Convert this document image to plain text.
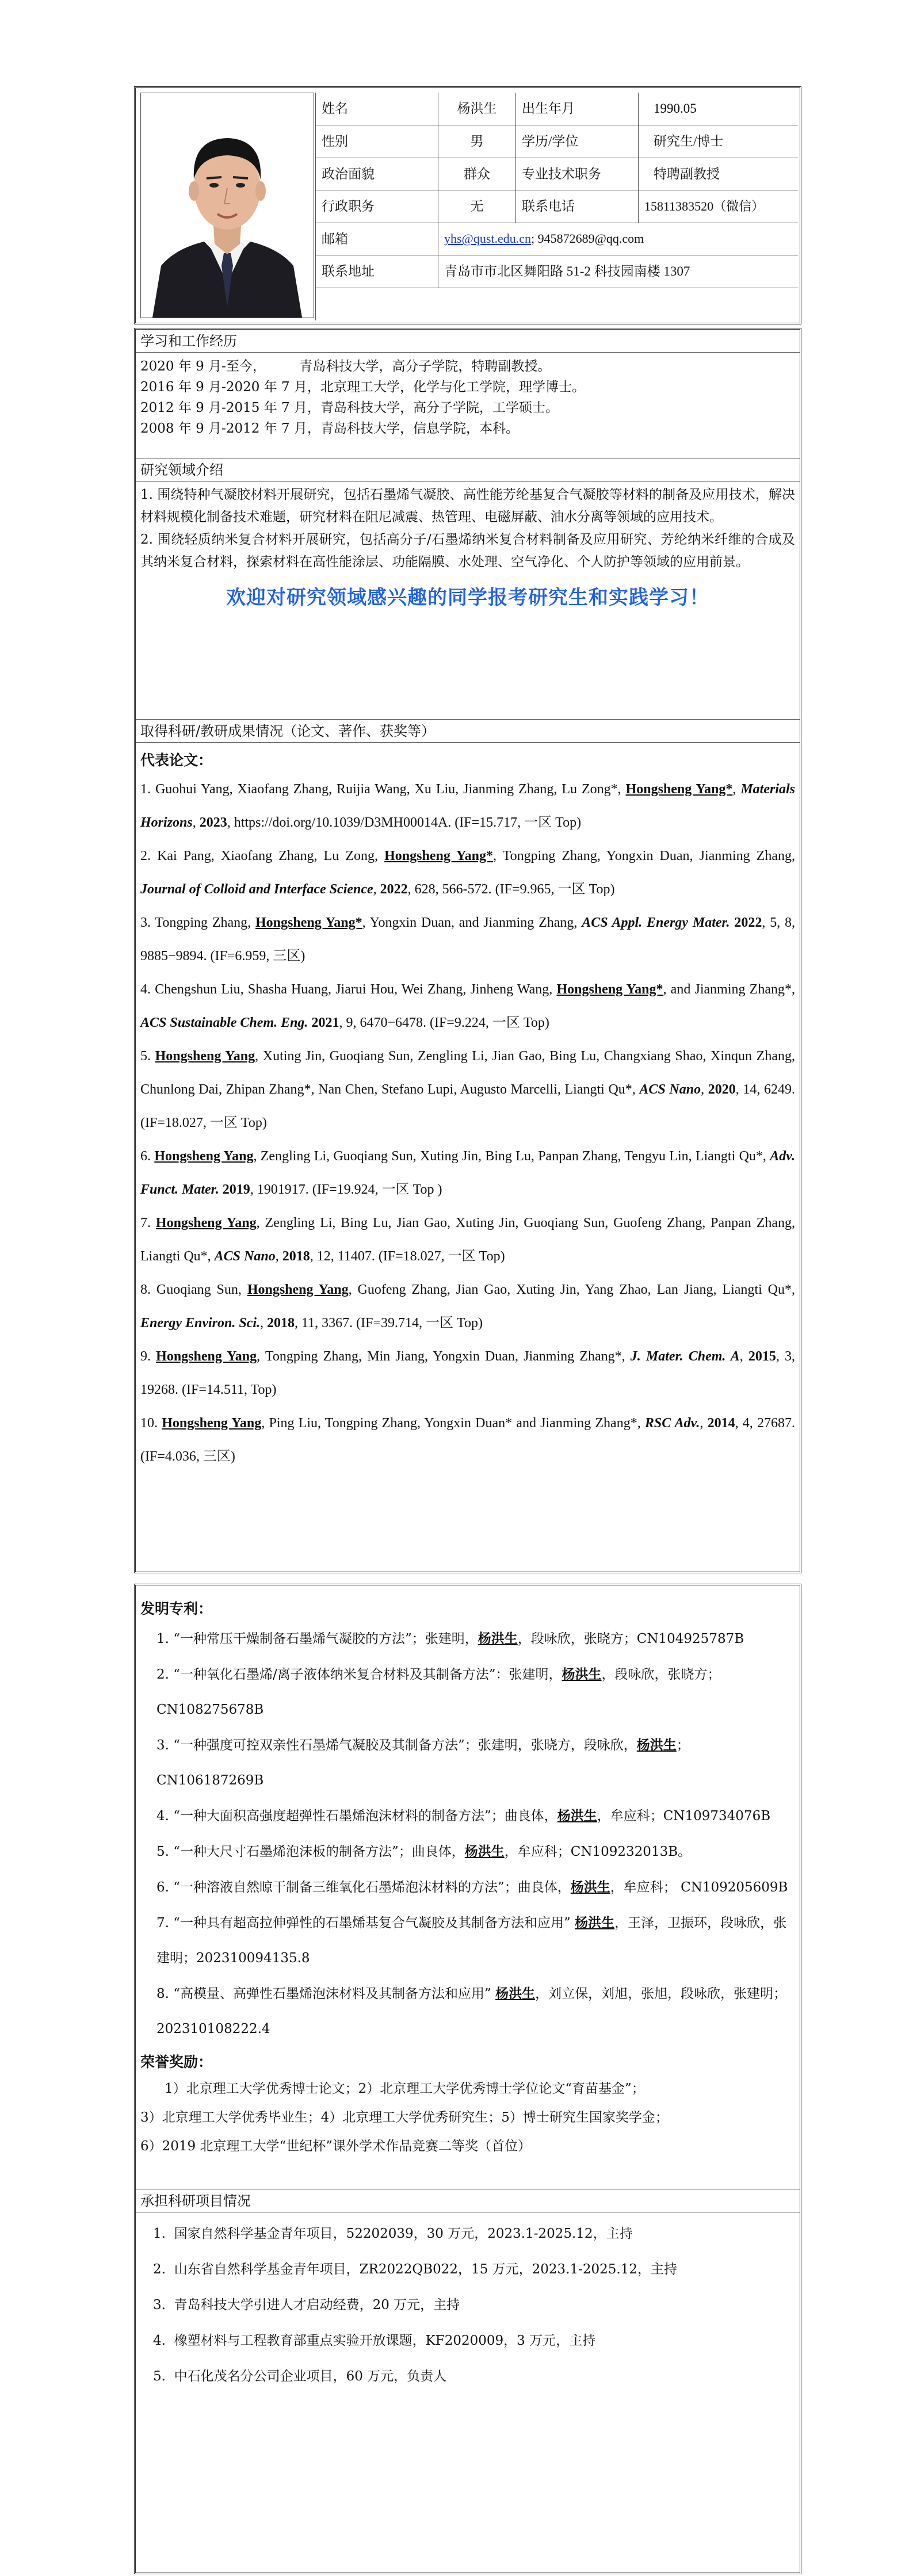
姓名	杨洪生	出生年月	1990.05
性别	男	学历/学位	研究生/博士
政治面貌	群众	专业技术职务	特聘副教授
行政职务	无	联系电话	15811383520（微信）
邮箱	yhs@qust.edu.cn ; 945872689@qq.com
联系地址	青岛市市北区舞阳路 51-2 科技园南楼 1307
学习和工作经历
2020 年 9 月-至今，        青岛科技大学，高分子学院，特聘副教授。
2016 年 9 月-2020 年 7 月，北京理工大学，化学与化工学院，理学博士。
2012 年 9 月-2015 年 7 月，青岛科技大学，高分子学院，工学硕士。
2008 年 9 月-2012 年 7 月，青岛科技大学，信息学院，本科。
研究领域介绍
1. 围绕特种气凝胶材料开展研究，包括石墨烯气凝胶、高性能芳纶基复合气凝胶等材料的制备及应用技术，解决材料规模化制备技术难题，研究材料在阻尼减震、热管理、电磁屏蔽、油水分离等领域的应用技术。
2. 围绕轻质纳米复合材料开展研究，包括高分子/石墨烯纳米复合材料制备及应用研究、芳纶纳米纤维的合成及其纳米复合材料，探索材料在高性能涂层、功能隔膜、水处理、空气净化、个人防护等领域的应用前景。
欢迎对研究领域感兴趣的同学报考研究生和实践学习！
取得科研/教研成果情况（论文、著作、获奖等）
代表论文：

1. Guohui Yang, Xiaofang Zhang, Ruijia Wang, Xu Liu, Jianming Zhang, Lu Zong*, Hongsheng Yang*, Materials Horizons, 2023, https://doi.org/10.1039/D3MH00014A. (IF=15.717, 一区 Top)

2. Kai Pang, Xiaofang Zhang, Lu Zong, Hongsheng Yang*, Tongping Zhang, Yongxin Duan, Jianming Zhang, Journal of Colloid and Interface Science, 2022, 628, 566-572. (IF=9.965, 一区 Top)

3. Tongping Zhang, Hongsheng Yang*, Yongxin Duan, and Jianming Zhang, ACS Appl. Energy Mater. 2022, 5, 8, 9885−9894. (IF=6.959, 三区)

4. Chengshun Liu, Shasha Huang, Jiarui Hou, Wei Zhang, Jinheng Wang, Hongsheng Yang*, and Jianming Zhang*, ACS Sustainable Chem. Eng. 2021, 9, 6470−6478. (IF=9.224, 一区 Top)

5. Hongsheng Yang, Xuting Jin, Guoqiang Sun, Zengling Li, Jian Gao, Bing Lu, Changxiang Shao, Xinqun Zhang, Chunlong Dai, Zhipan Zhang*, Nan Chen, Stefano Lupi, Augusto Marcelli, Liangti Qu*, ACS Nano, 2020, 14, 6249. (IF=18.027, 一区 Top)

6. Hongsheng Yang, Zengling Li, Guoqiang Sun, Xuting Jin, Bing Lu, Panpan Zhang, Tengyu Lin, Liangti Qu*, Adv. Funct. Mater. 2019, 1901917. (IF=19.924, 一区 Top )

7. Hongsheng Yang, Zengling Li, Bing Lu, Jian Gao, Xuting Jin, Guoqiang Sun, Guofeng Zhang, Panpan Zhang, Liangti Qu*, ACS Nano, 2018, 12, 11407. (IF=18.027, 一区 Top)

8. Guoqiang Sun, Hongsheng Yang, Guofeng Zhang, Jian Gao, Xuting Jin, Yang Zhao, Lan Jiang, Liangti Qu*, Energy Environ. Sci., 2018, 11, 3367. (IF=39.714, 一区 Top)

9. Hongsheng Yang, Tongping Zhang, Min Jiang, Yongxin Duan, Jianming Zhang*, J. Mater. Chem. A, 2015, 3, 19268. (IF=14.511, Top)

10. Hongsheng Yang, Ping Liu, Tongping Zhang, Yongxin Duan* and Jianming Zhang*, RSC Adv., 2014, 4, 27687. (IF=4.036, 三区)

发明专利：

1. “一种常压干燥制备石墨烯气凝胶的方法”；张建明，杨洪生，段咏欣，张晓方；CN104925787B

2. “一种氧化石墨烯/离子液体纳米复合材料及其制备方法”：张建明，杨洪生，段咏欣，张晓方；CN108275678B

3. “一种强度可控双亲性石墨烯气凝胶及其制备方法”；张建明，张晓方，段咏欣，杨洪生； CN106187269B

4. “一种大面积高强度超弹性石墨烯泡沫材料的制备方法”；曲良体，杨洪生，牟应科；CN109734076B

5. “一种大尺寸石墨烯泡沫板的制备方法”；曲良体，杨洪生，牟应科；CN109232013B。

6. “一种溶液自然晾干制备三维氧化石墨烯泡沫材料的方法”；曲良体，杨洪生，牟应科； CN109205609B

7. “一种具有超高拉伸弹性的石墨烯基复合气凝胶及其制备方法和应用” 杨洪生，王泽，卫振环，段咏欣，张建明；202310094135.8

8. “高模量、高弹性石墨烯泡沫材料及其制备方法和应用” 杨洪生，刘立保，刘旭，张旭，段咏欣，张建明；202310108222.4

荣誉奖励：
1）北京理工大学优秀博士论文；2）北京理工大学优秀博士学位论文“育苗基金”；
3）北京理工大学优秀毕业生；4）北京理工大学优秀研究生；5）博士研究生国家奖学金；
6）2019 北京理工大学“世纪杯”课外学术作品竞赛二等奖（首位）
承担科研项目情况
1.  国家自然科学基金青年项目，52202039，30 万元，2023.1-2025.12，主持
2.  山东省自然科学基金青年项目，ZR2022QB022，15 万元，2023.1-2025.12，主持
3.  青岛科技大学引进人才启动经费，20 万元，主持
4.  橡塑材料与工程教育部重点实验开放课题，KF2020009，3 万元，主持
5.  中石化茂名分公司企业项目，60 万元，负责人
